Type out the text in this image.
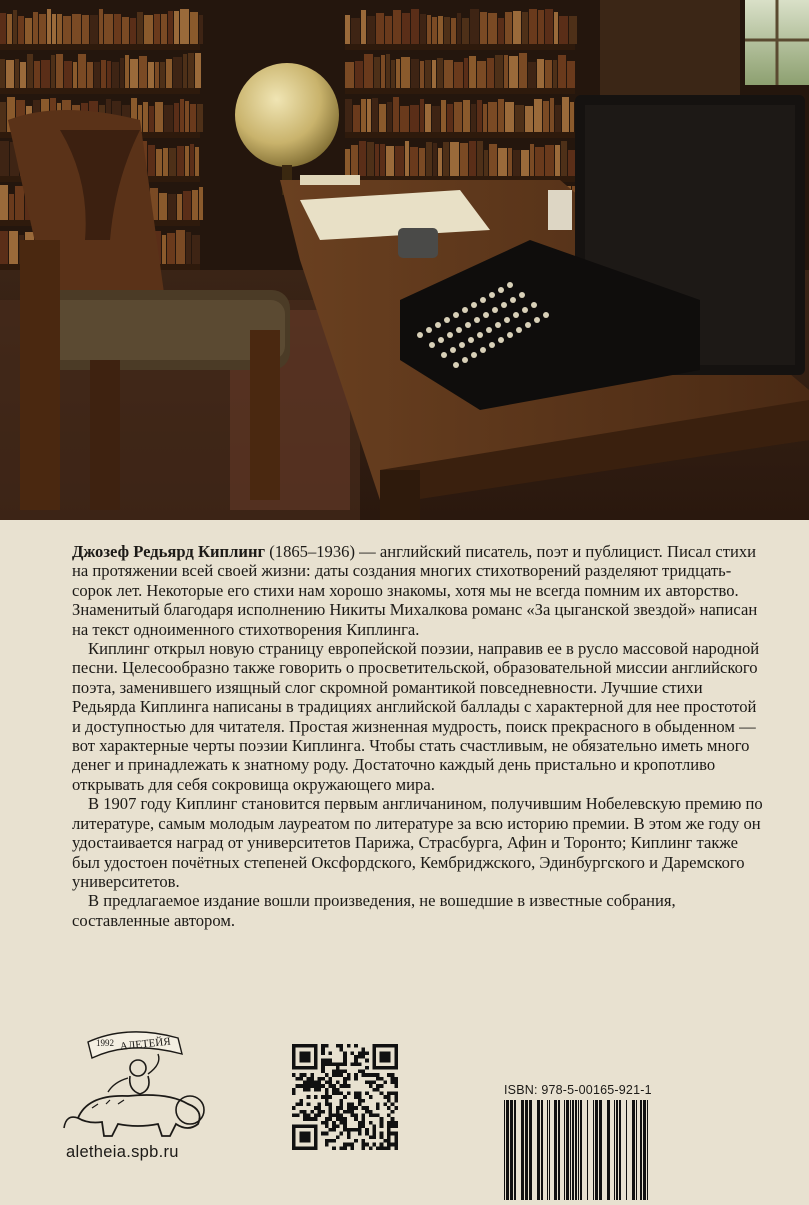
Джозеф Редьярд Киплинг (1865–1936) — английский писатель, поэт и публицист. Писал стихи на протяжении всей своей жизни: даты создания многих стихотворений разделяют тридцать-сорок лет. Некоторые его стихи нам хорошо знакомы, хотя мы не всегда помним их авторство. Знаменитый благодаря исполнению Никиты Михалкова романс «За цыганской звездой» написан на текст одноименного стихотворения Киплинга.

Киплинг открыл новую страницу европейской поэзии, направив ее в русло массовой народной песни. Целесообразно также говорить о просветительской, образовательной миссии английского поэта, заменившего изящный слог скромной романтикой повседневности. Лучшие стихи Редьярда Киплинга написаны в традициях английской баллады с характерной для нее простотой и доступностью для читателя. Простая жизненная мудрость, поиск прекрасного в обыденном — вот характерные черты поэзии Киплинга. Чтобы стать счастливым, не обязательно иметь много денег и принадлежать к знатному роду. Достаточно каждый день пристально и кропотливо открывать для себя сокровища окружающего мира.

В 1907 году Киплинг становится первым англичанином, получившим Нобелевскую премию по литературе, самым молодым лауреатом по литературе за всю историю премии. В этом же году он удостаивается наград от университетов Парижа, Страсбурга, Афин и Торонто; Киплинг также был удостоен почётных степеней Оксфордского, Кембриджского, Эдинбургского и Даремского университетов.

В предлагаемое издание вошли произведения, не вошедшие в известные собрания, составленные автором.

1992 АЛЕТЕЙЯ
aletheia.spb.ru
ISBN: 978-5-00165-921-1
